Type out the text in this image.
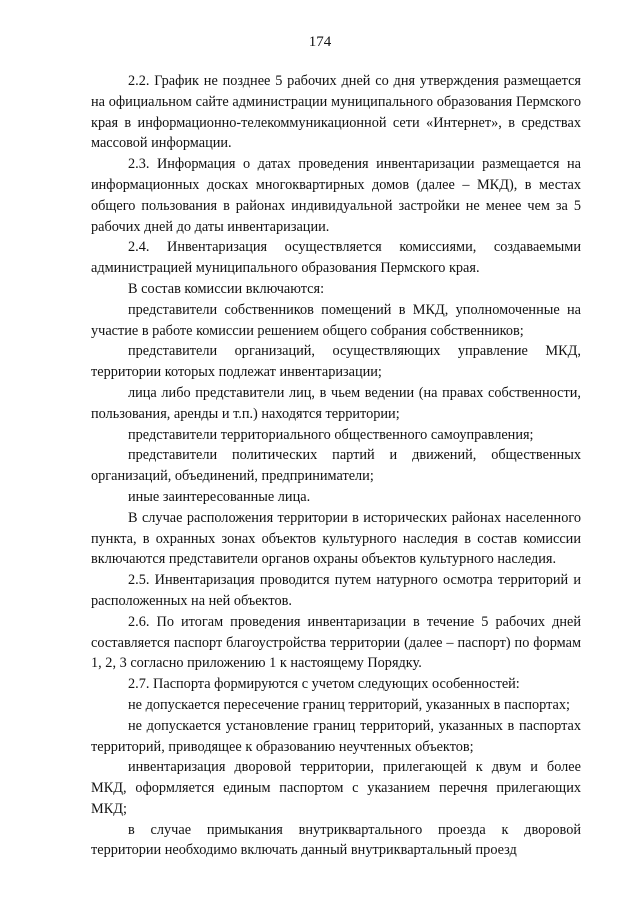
174

2.2. График не позднее 5 рабочих дней со дня утверждения размещается на официальном сайте администрации муниципального образования Пермского края в информационно-телекоммуникационной сети «Интернет», в средствах массовой информации.

2.3. Информация о датах проведения инвентаризации размещается на информационных досках многоквартирных домов (далее – МКД), в местах общего пользования в районах индивидуальной застройки не менее чем за 5 рабочих дней до даты инвентаризации.

2.4. Инвентаризация осуществляется комиссиями, создаваемыми администрацией муниципального образования Пермского края.

В состав комиссии включаются:

представители собственников помещений в МКД, уполномоченные на участие в работе комиссии решением общего собрания собственников;

представители организаций, осуществляющих управление МКД, территории которых подлежат инвентаризации;

лица либо представители лиц, в чьем ведении (на правах собственности, пользования, аренды и т.п.) находятся территории;

представители территориального общественного самоуправления;

представители политических партий и движений, общественных организаций, объединений, предприниматели;

иные заинтересованные лица.

В случае расположения территории в исторических районах населенного пункта, в охранных зонах объектов культурного наследия в состав комиссии включаются представители органов охраны объектов культурного наследия.

2.5. Инвентаризация проводится путем натурного осмотра территорий и расположенных на ней объектов.

2.6. По итогам проведения инвентаризации в течение 5 рабочих дней составляется паспорт благоустройства территории (далее – паспорт) по формам 1, 2, 3 согласно приложению 1 к настоящему Порядку.

2.7. Паспорта формируются с учетом следующих особенностей:

не допускается пересечение границ территорий, указанных в паспортах;

не допускается установление границ территорий, указанных в паспортах территорий, приводящее к образованию неучтенных объектов;

инвентаризация дворовой территории, прилегающей к двум и более МКД, оформляется единым паспортом с указанием перечня прилегающих МКД;

в случае примыкания внутриквартального проезда к дворовой территории необходимо включать данный внутриквартальный проезд
